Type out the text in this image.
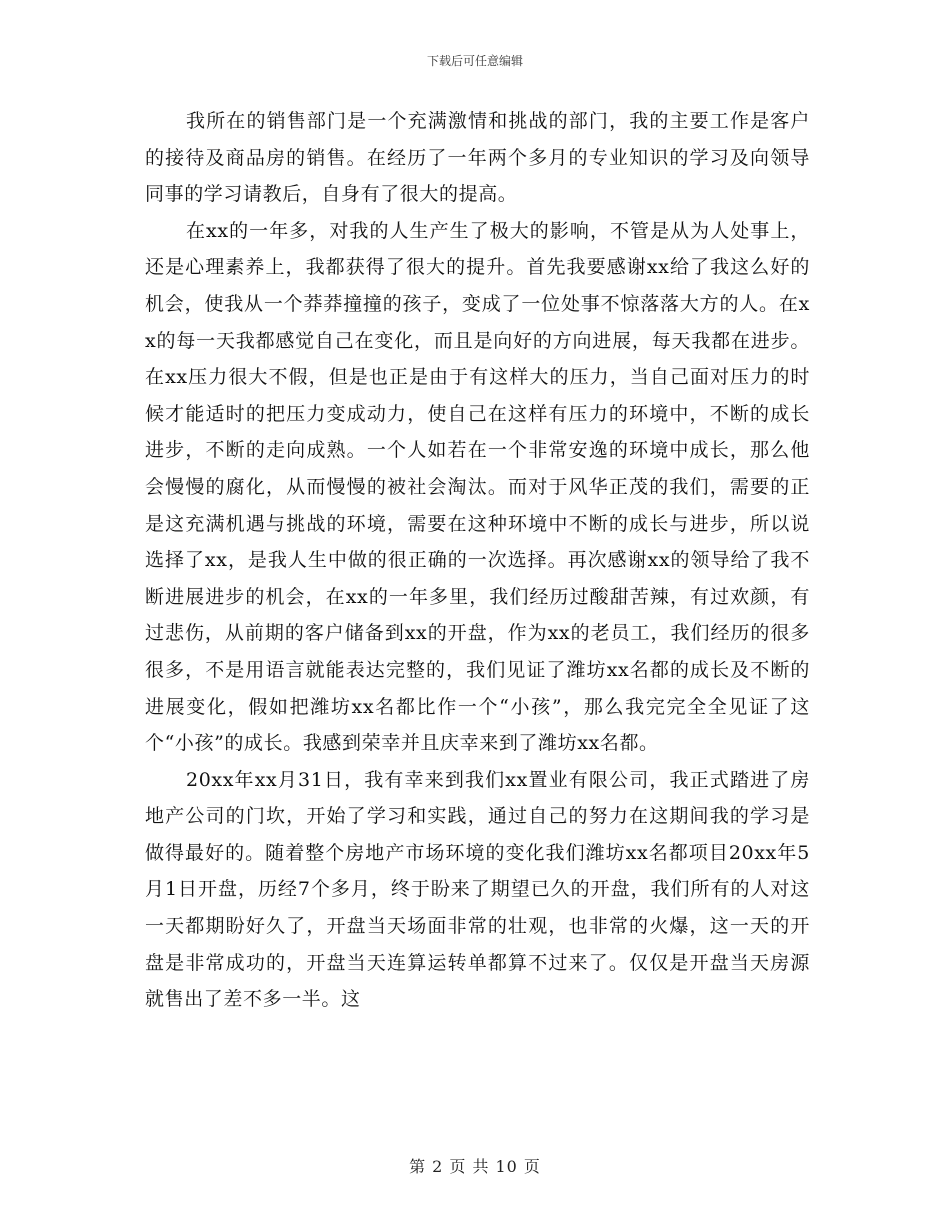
下载后可任意编辑

我所在的销售部门是一个充满激情和挑战的部门，我的主要工作是客户的接待及商品房的销售。在经历了一年两个多月的专业知识的学习及向领导同事的学习请教后，自身有了很大的提高。

在xx的一年多，对我的人生产生了极大的影响，不管是从为人处事上，还是心理素养上，我都获得了很大的提升。首先我要感谢xx给了我这么好的机会，使我从一个莽莽撞撞的孩子，变成了一位处事不惊落落大方的人。在xx的每一天我都感觉自己在变化，而且是向好的方向进展，每天我都在进步。在xx压力很大不假，但是也正是由于有这样大的压力，当自己面对压力的时候才能适时的把压力变成动力，使自己在这样有压力的环境中，不断的成长进步，不断的走向成熟。一个人如若在一个非常安逸的环境中成长，那么他会慢慢的腐化，从而慢慢的被社会淘汰。而对于风华正茂的我们，需要的正是这充满机遇与挑战的环境，需要在这种环境中不断的成长与进步，所以说选择了xx，是我人生中做的很正确的一次选择。再次感谢xx的领导给了我不断进展进步的机会，在xx的一年多里，我们经历过酸甜苦辣，有过欢颜，有过悲伤，从前期的客户储备到xx的开盘，作为xx的老员工，我们经历的很多很多，不是用语言就能表达完整的，我们见证了潍坊xx名都的成长及不断的进展变化，假如把潍坊xx名都比作一个“小孩”，那么我完完全全见证了这个“小孩”的成长。我感到荣幸并且庆幸来到了潍坊xx名都。

20xx年xx月31日，我有幸来到我们xx置业有限公司，我正式踏进了房地产公司的门坎，开始了学习和实践，通过自己的努力在这期间我的学习是做得最好的。随着整个房地产市场环境的变化我们潍坊xx名都项目20xx年5月1日开盘，历经7个多月，终于盼来了期望已久的开盘，我们所有的人对这一天都期盼好久了，开盘当天场面非常的壮观，也非常的火爆，这一天的开盘是非常成功的，开盘当天连算运转单都算不过来了。仅仅是开盘当天房源就售出了差不多一半。这

第 2 页 共 10 页
